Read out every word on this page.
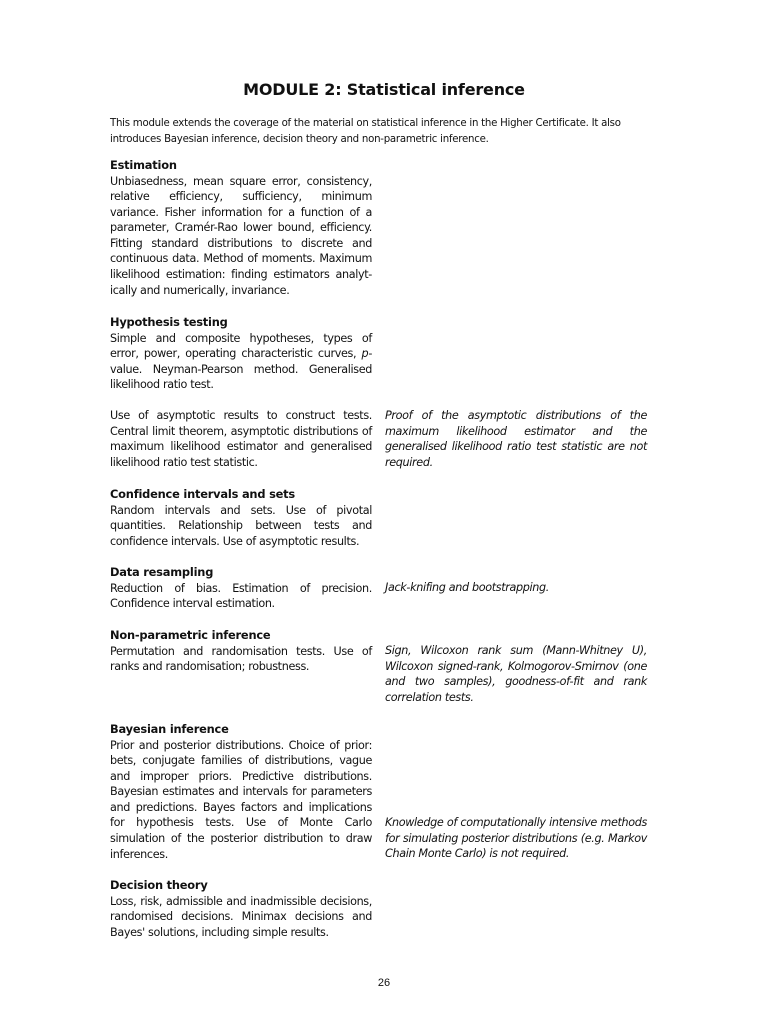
MODULE 2: Statistical inference

This module extends the coverage of the material on statistical inference in the Higher Certificate. It also introduces Bayesian inference, decision theory and non-parametric inference.

Estimation

Unbiasedness, mean square error, consistency, relative efficiency, sufficiency, minimum variance. Fisher information for a function of a parameter, Cramér-Rao lower bound, efficiency. Fitting standard distributions to discrete and continuous data. Method of moments. Maximum likelihood estimation: finding estimators analyt-ically and numerically, invariance.

Hypothesis testing

Simple and composite hypotheses, types of error, power, operating characteristic curves, p-value. Neyman-Pearson method. Generalised likelihood ratio test.

Use of asymptotic results to construct tests. Central limit theorem, asymptotic distributions of maximum likelihood estimator and generalised likelihood ratio test statistic.

Proof of the asymptotic distributions of the maximum likelihood estimator and the generalised likelihood ratio test statistic are not required.

Confidence intervals and sets

Random intervals and sets. Use of pivotal quantities. Relationship between tests and confidence intervals. Use of asymptotic results.

Data resampling

Reduction of bias. Estimation of precision. Confidence interval estimation.

Jack-knifing and bootstrapping.

Non-parametric inference

Permutation and randomisation tests. Use of ranks and randomisation; robustness.

Sign, Wilcoxon rank sum (Mann-Whitney U), Wilcoxon signed-rank, Kolmogorov-Smirnov (one and two samples), goodness-of-fit and rank correlation tests.

Bayesian inference

Prior and posterior distributions. Choice of prior: bets, conjugate families of distributions, vague and improper priors. Predictive distributions. Bayesian estimates and intervals for parameters and predictions. Bayes factors and implications for hypothesis tests. Use of Monte Carlo simulation of the posterior distribution to draw inferences.

Knowledge of computationally intensive methods for simulating posterior distributions (e.g. Markov Chain Monte Carlo) is not required.

Decision theory

Loss, risk, admissible and inadmissible decisions, randomised decisions. Minimax decisions and Bayes' solutions, including simple results.

26
